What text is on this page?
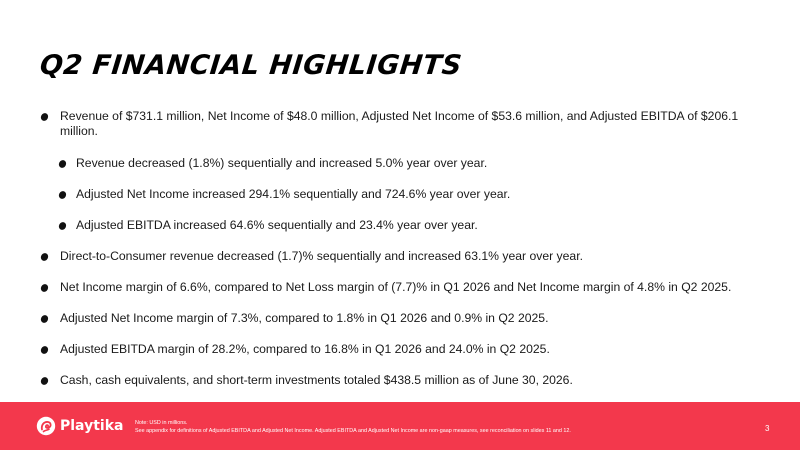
Q2 FINANCIAL HIGHLIGHTS
Revenue of $731.1 million, Net Income of $48.0 million, Adjusted Net Income of $53.6 million, and Adjusted EBITDA of $206.1 million.
Revenue decreased (1.8%) sequentially and increased 5.0% year over year.
Adjusted Net Income increased 294.1% sequentially and 724.6% year over year.
Adjusted EBITDA increased 64.6% sequentially and 23.4% year over year.
Direct-to-Consumer revenue decreased (1.7)% sequentially and increased 63.1% year over year.
Net Income margin of 6.6%, compared to Net Loss margin of (7.7)% in Q1 2026 and Net Income margin of 4.8% in Q2 2025.
Adjusted Net Income margin of 7.3%, compared to 1.8% in Q1 2026 and 0.9% in Q2 2025.
Adjusted EBITDA margin of 28.2%, compared to 16.8% in Q1 2026 and 24.0% in Q2 2025.
Cash, cash equivalents, and short-term investments totaled $438.5 million as of June 30, 2026.
Playtika Note: USD in millions.
See appendix for definitions of Adjusted EBITDA and Adjusted Net Income. Adjusted EBITDA and Adjusted Net Income are non-gaap measures, see reconciliation on slides 11 and 12.	3
